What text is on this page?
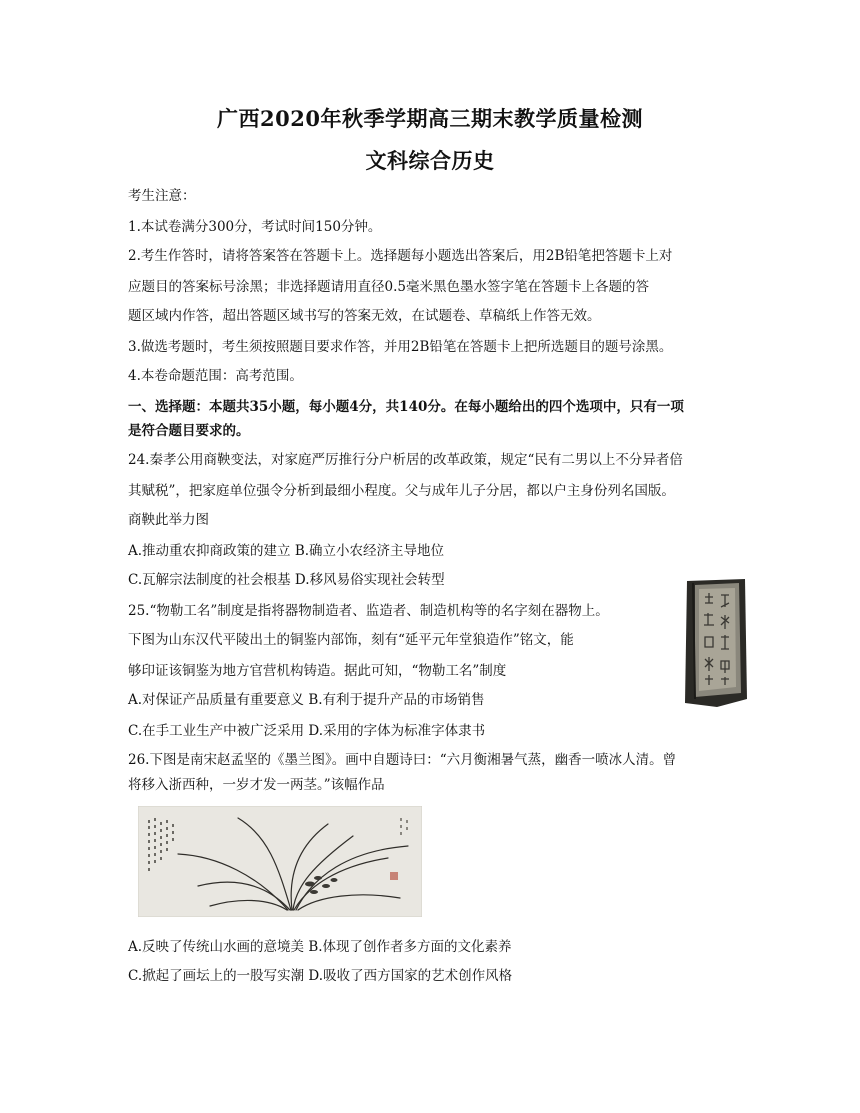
广西2020年秋季学期高三期末教学质量检测
文科综合历史
考生注意：
1.本试卷满分300分，考试时间150分钟。
2.考生作答时，请将答案答在答题卡上。选择题每小题选出答案后，用2B铅笔把答题卡上对
应题目的答案标号涂黑；非选择题请用直径0.5毫米黑色墨水签字笔在答题卡上各题的答
题区域内作答，超出答题区域书写的答案无效，在试题卷、草稿纸上作答无效。
3.做选考题时，考生须按照题目要求作答，并用2B铅笔在答题卡上把所选题目的题号涂黑。
4.本卷命题范围：高考范围。
一、选择题：本题共35小题，每小题4分，共140分。在每小题给出的四个选项中，只有一项
是符合题目要求的。
24.秦孝公用商鞅变法，对家庭严厉推行分户析居的改革政策，规定“民有二男以上不分异者倍
其赋税”，把家庭单位强令分析到最细小程度。父与成年儿子分居，都以户主身份列名国版。
商鞅此举力图
A.推动重农抑商政策的建立 B.确立小农经济主导地位
C.瓦解宗法制度的社会根基 D.移风易俗实现社会转型
25.“物勒工名”制度是指将器物制造者、监造者、制造机构等的名字刻在器物上。
下图为山东汉代平陵出土的铜鉴内部饰，刻有“延平元年堂狼造作”铭文，能
够印证该铜鉴为地方官营机构铸造。据此可知，“物勒工名”制度
A.对保证产品质量有重要意义 B.有利于提升产品的市场销售
C.在手工业生产中被广泛采用 D.采用的字体为标准字体隶书
26.下图是南宋赵孟坚的《墨兰图》。画中自题诗曰：“六月衡湘暑气蒸，幽香一喷冰人清。曾
将移入浙西种，一岁才发一两茎。”该幅作品
A.反映了传统山水画的意境美 B.体现了创作者多方面的文化素养
C.掀起了画坛上的一股写实潮 D.吸收了西方国家的艺术创作风格
